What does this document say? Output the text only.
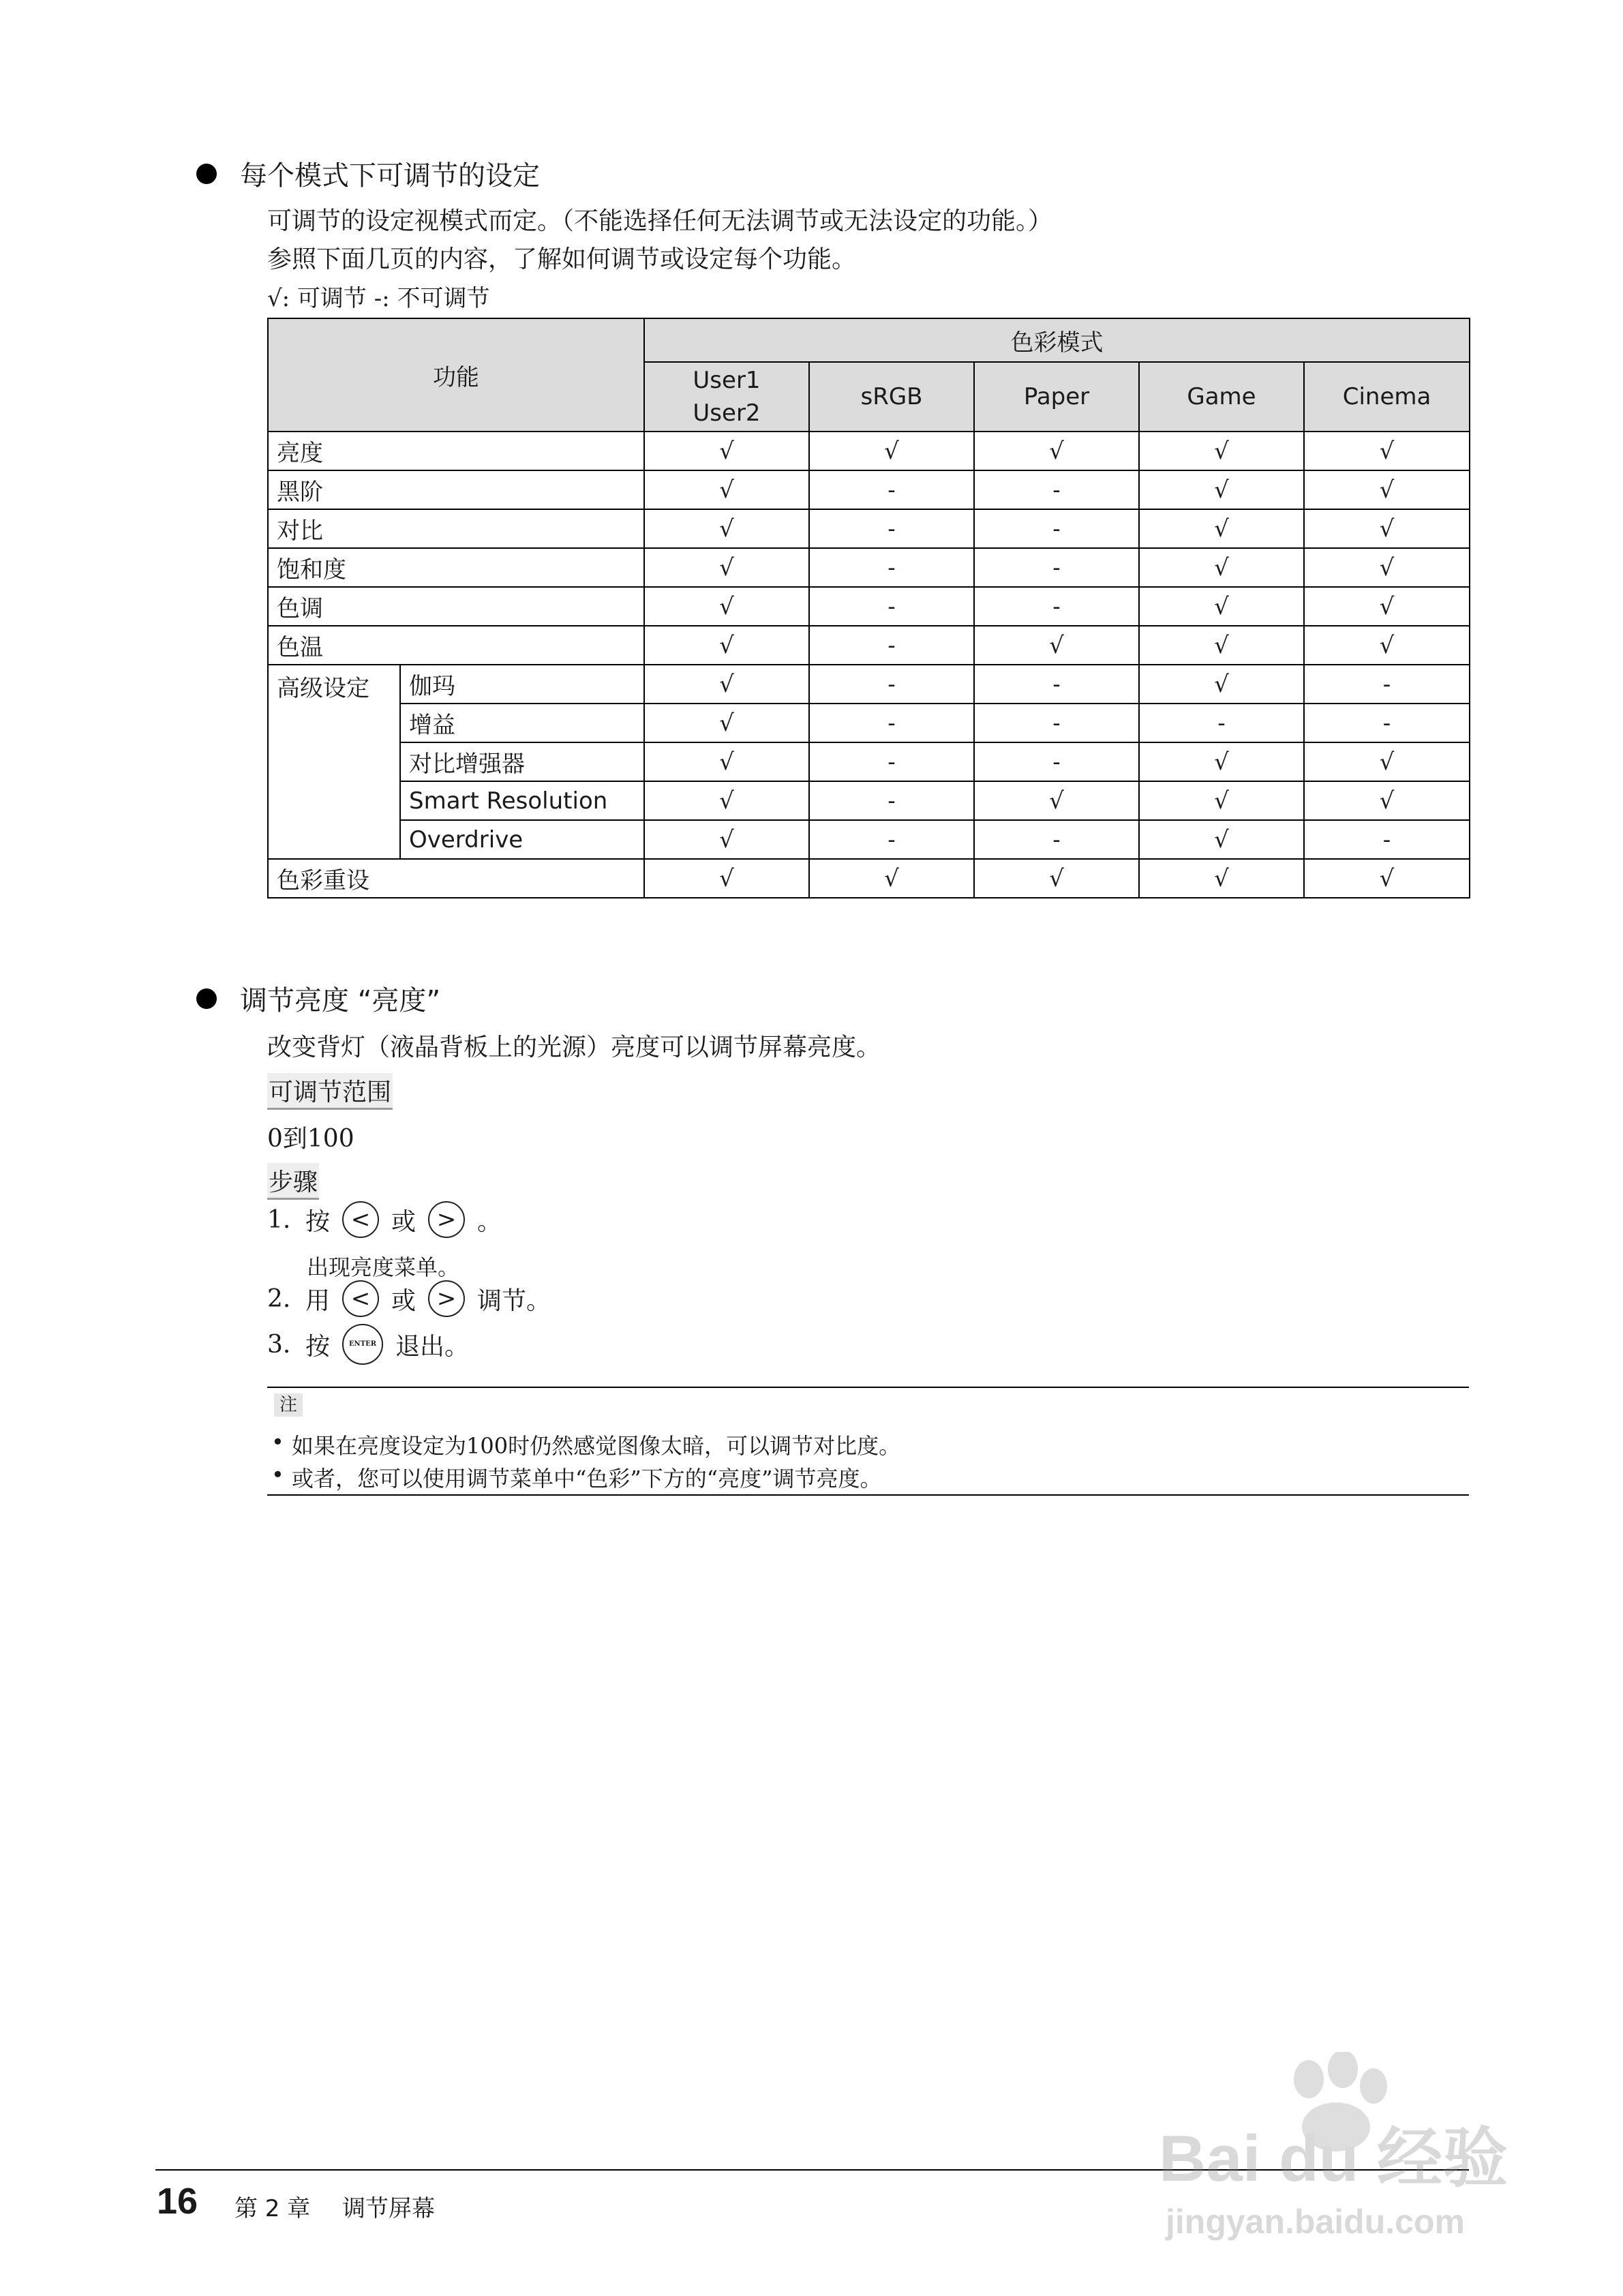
每个模式下可调节的设定
可调节的设定视模式而定。（不能选择任何无法调节或无法设定的功能。）
参照下面几页的内容，了解如何调节或设定每个功能。
√: 可调节 -: 不可调节
功能		色彩模式				
		User1
User2	sRGB	Paper	Game	Cinema
亮度		√	√	√	√	√
黑阶		√	-	-	√	√
对比		√	-	-	√	√
饱和度		√	-	-	√	√
色调		√	-	-	√	√
色温		√	-	√	√	√
高级设定	伽玛	√	-	-	√	-
	增益	√	-	-	-	-
	对比增强器	√	-	-	√	√
	Smart Resolution	√	-	√	√	√
	Overdrive	√	-	-	√	-
色彩重设		√	√	√	√	√
调节亮度 “亮度”
改变背灯（液晶背板上的光源）亮度可以调节屏幕亮度。
可调节范围
0到100
步骤
1. 按 < 或 > 。
出现亮度菜单。
2. 用 < 或 > 调节。
3. 按	ENTER 退出。
注
• 如果在亮度设定为100时仍然感觉图像太暗，可以调节对比度。
• 或者，您可以使用调节菜单中“色彩”下方的“亮度”调节亮度。
16 第 2 章 调节屏幕
Bai du 经验
jingyan.baidu.com
